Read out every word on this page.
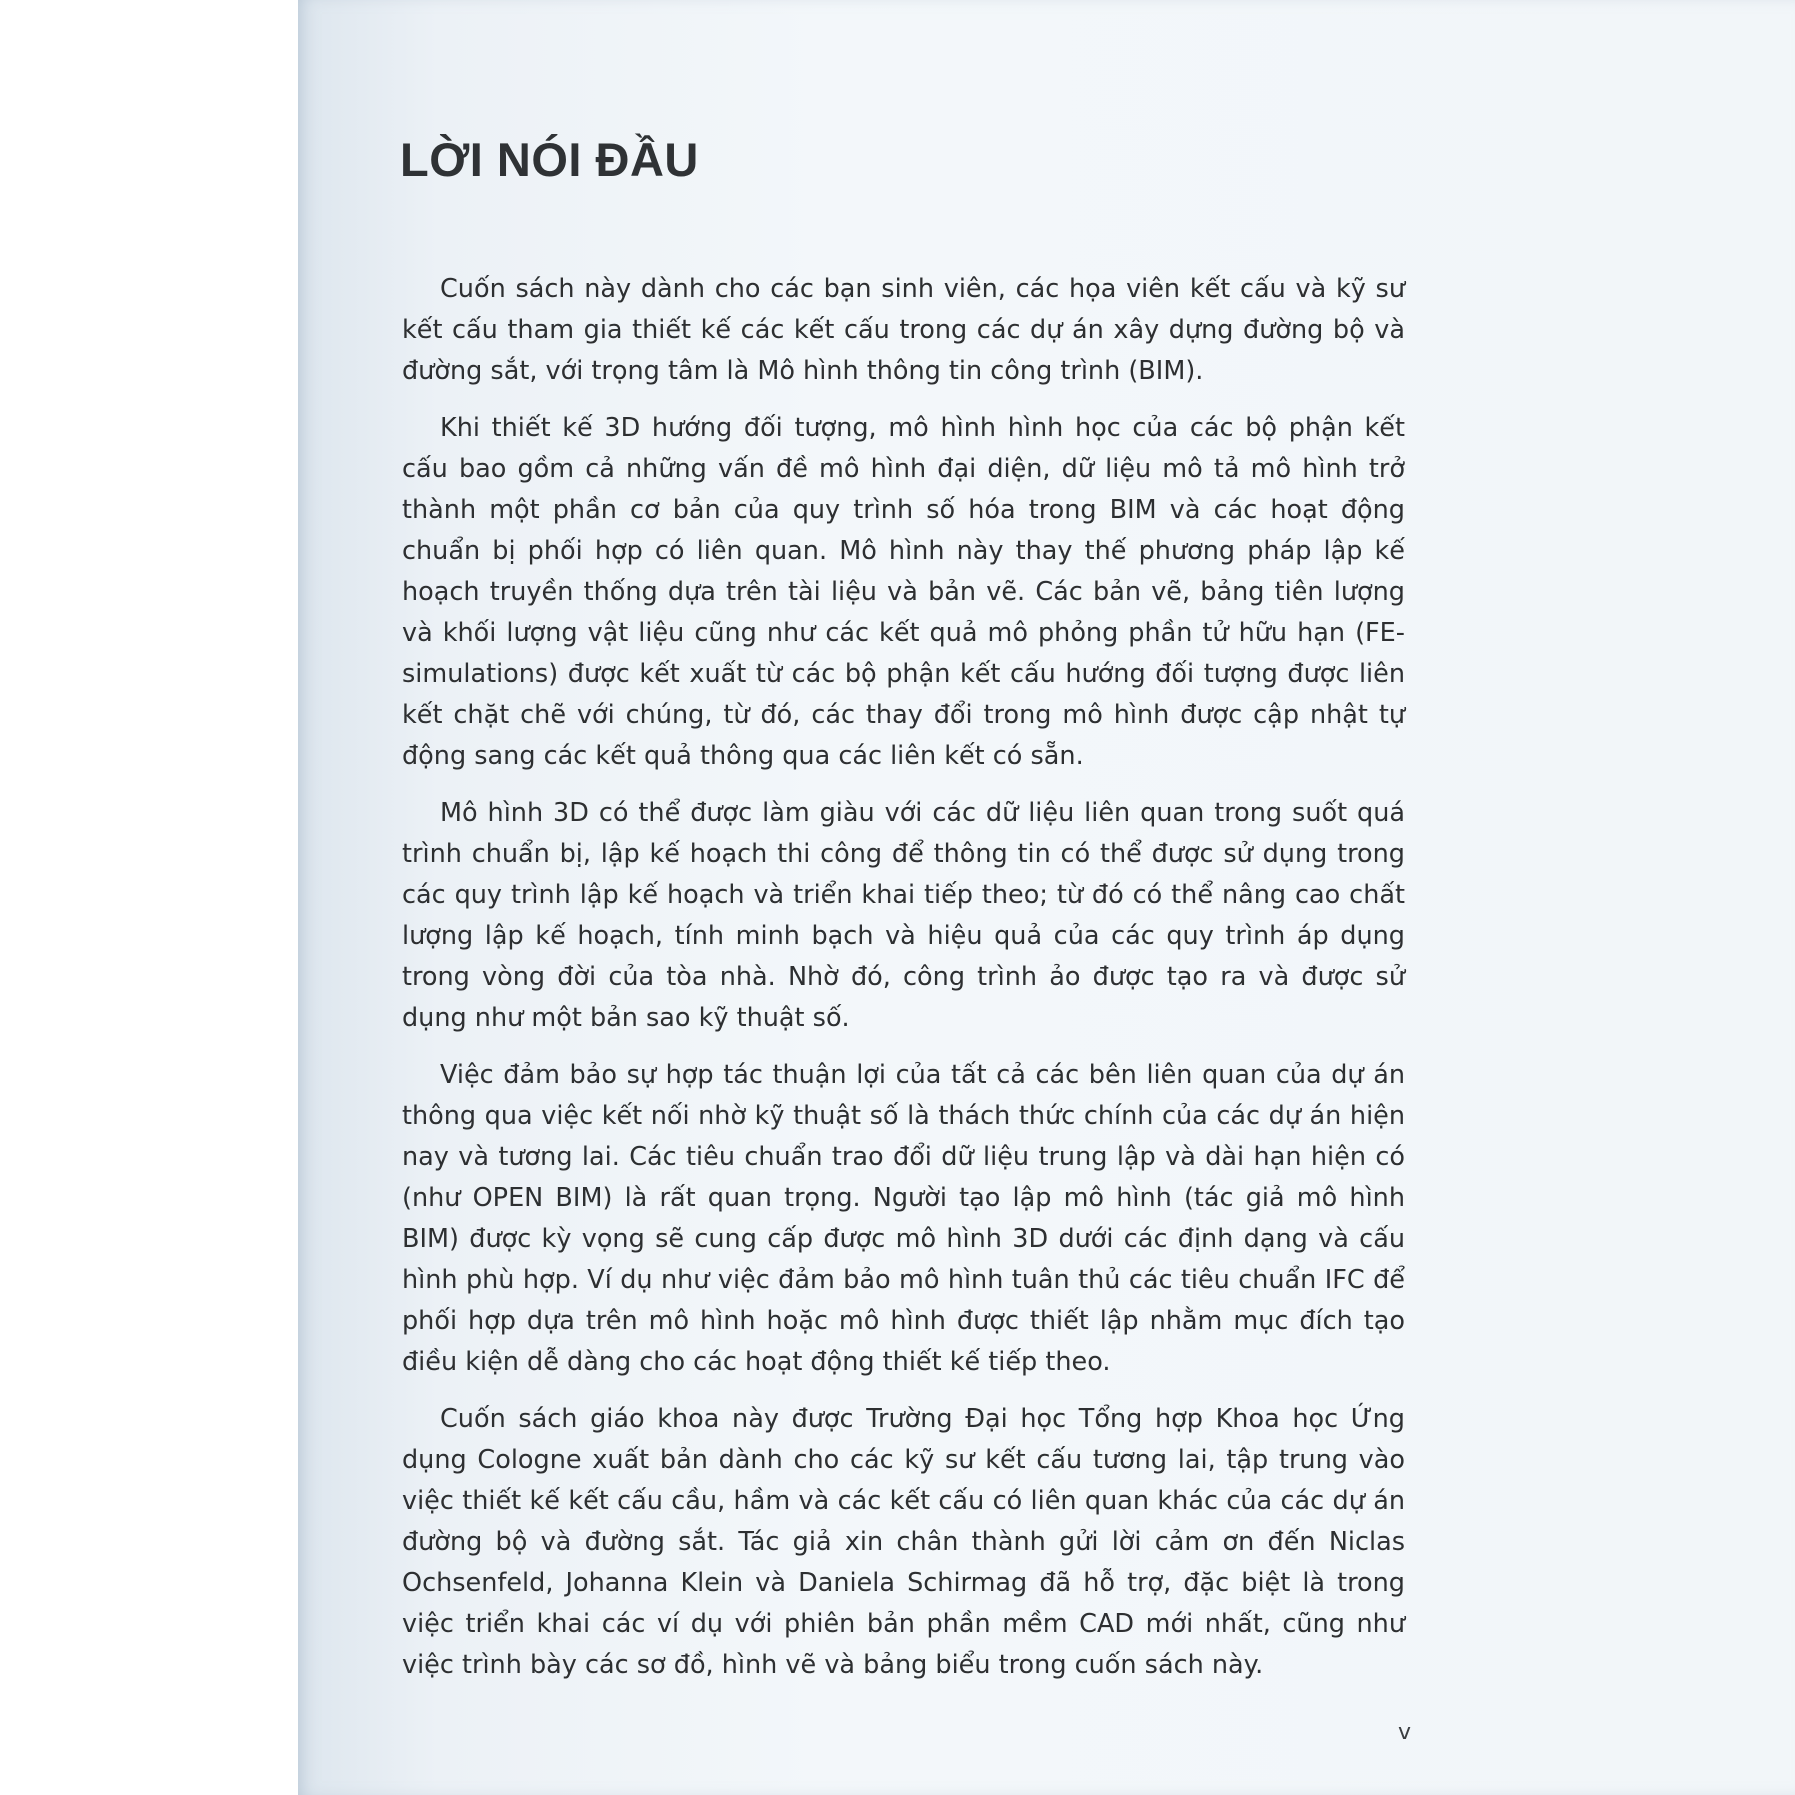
LỜI NÓI ĐẦU

Cuốn sách này dành cho các bạn sinh viên, các họa viên kết cấu và kỹ sư kết cấu tham gia thiết kế các kết cấu trong các dự án xây dựng đường bộ và đường sắt, với trọng tâm là Mô hình thông tin công trình (BIM).

Khi thiết kế 3D hướng đối tượng, mô hình hình học của các bộ phận kết cấu bao gồm cả những vấn đề mô hình đại diện, dữ liệu mô tả mô hình trở thành một phần cơ bản của quy trình số hóa trong BIM và các hoạt động chuẩn bị phối hợp có liên quan. Mô hình này thay thế phương pháp lập kế hoạch truyền thống dựa trên tài liệu và bản vẽ. Các bản vẽ, bảng tiên lượng và khối lượng vật liệu cũng như các kết quả mô phỏng phần tử hữu hạn (FE-simulations) được kết xuất từ các bộ phận kết cấu hướng đối tượng được liên kết chặt chẽ với chúng, từ đó, các thay đổi trong mô hình được cập nhật tự động sang các kết quả thông qua các liên kết có sẵn.

Mô hình 3D có thể được làm giàu với các dữ liệu liên quan trong suốt quá trình chuẩn bị, lập kế hoạch thi công để thông tin có thể được sử dụng trong các quy trình lập kế hoạch và triển khai tiếp theo; từ đó có thể nâng cao chất lượng lập kế hoạch, tính minh bạch và hiệu quả của các quy trình áp dụng trong vòng đời của tòa nhà. Nhờ đó, công trình ảo được tạo ra và được sử dụng như một bản sao kỹ thuật số.

Việc đảm bảo sự hợp tác thuận lợi của tất cả các bên liên quan của dự án thông qua việc kết nối nhờ kỹ thuật số là thách thức chính của các dự án hiện nay và tương lai. Các tiêu chuẩn trao đổi dữ liệu trung lập và dài hạn hiện có (như OPEN BIM) là rất quan trọng. Người tạo lập mô hình (tác giả mô hình BIM) được kỳ vọng sẽ cung cấp được mô hình 3D dưới các định dạng và cấu hình phù hợp. Ví dụ như việc đảm bảo mô hình tuân thủ các tiêu chuẩn IFC để phối hợp dựa trên mô hình hoặc mô hình được thiết lập nhằm mục đích tạo điều kiện dễ dàng cho các hoạt động thiết kế tiếp theo.

Cuốn sách giáo khoa này được Trường Đại học Tổng hợp Khoa học Ứng dụng Cologne xuất bản dành cho các kỹ sư kết cấu tương lai, tập trung vào việc thiết kế kết cấu cầu, hầm và các kết cấu có liên quan khác của các dự án đường bộ và đường sắt. Tác giả xin chân thành gửi lời cảm ơn đến Niclas Ochsenfeld, Johanna Klein và Daniela Schirmag đã hỗ trợ, đặc biệt là trong việc triển khai các ví dụ với phiên bản phần mềm CAD mới nhất, cũng như việc trình bày các sơ đồ, hình vẽ và bảng biểu trong cuốn sách này.

v
